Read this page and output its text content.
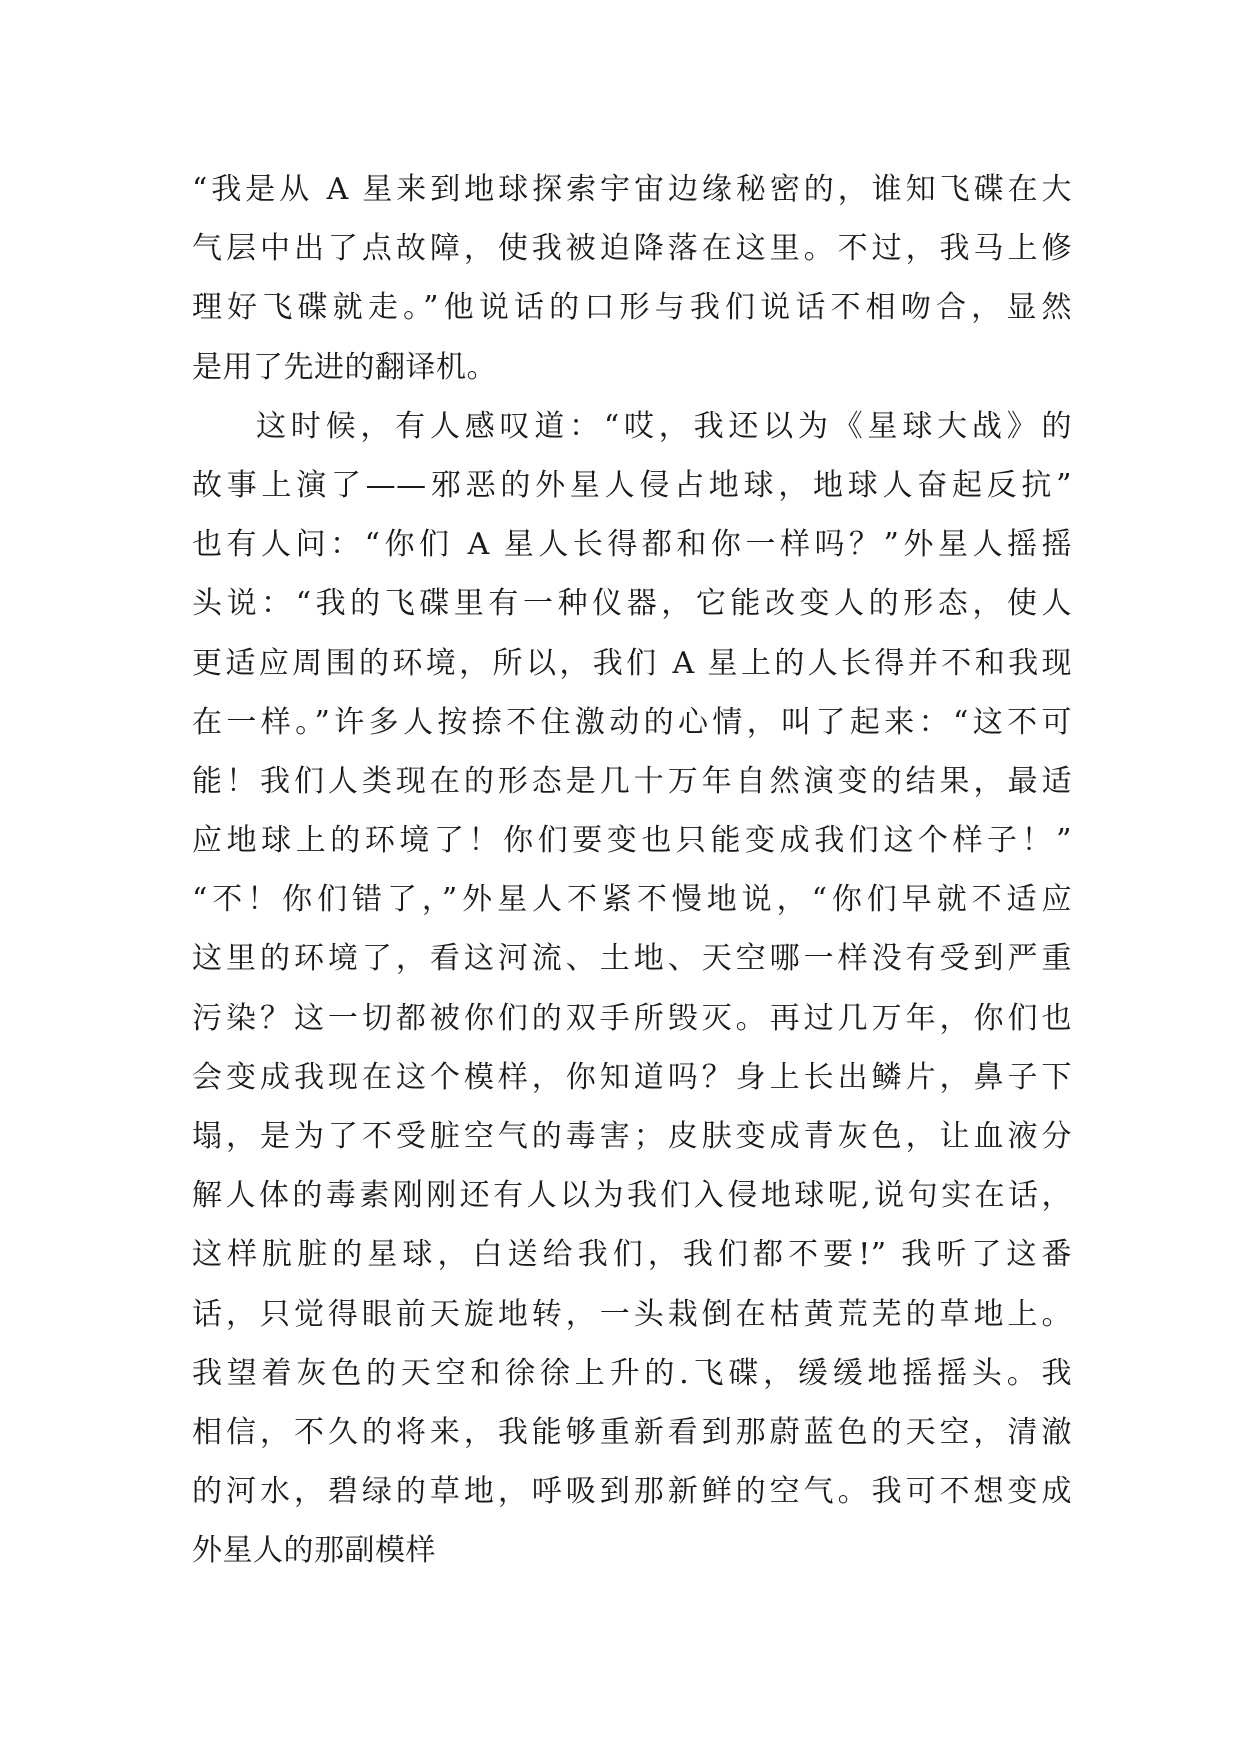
“我是从 A 星来到地球探索宇宙边缘秘密的，谁知飞碟在大
气层中出了点故障，使我被迫降落在这里。不过，我马上修
理好飞碟就走。”他说话的口形与我们说话不相吻合，显然
是用了先进的翻译机。
这时候，有人感叹道：“哎，我还以为《星球大战》的
故事上演了——邪恶的外星人侵占地球，地球人奋起反抗”
也有人问：“你们 A 星人长得都和你一样吗？”外星人摇摇
头说：“我的飞碟里有一种仪器，它能改变人的形态，使人
更适应周围的环境，所以，我们 A 星上的人长得并不和我现
在一样。”许多人按捺不住激动的心情，叫了起来：“这不可
能！我们人类现在的形态是几十万年自然演变的结果，最适
应地球上的环境了！你们要变也只能变成我们这个样子！”
“不！你们错了，”外星人不紧不慢地说，“你们早就不适应
这里的环境了，看这河流、土地、天空哪一样没有受到严重
污染？这一切都被你们的双手所毁灭。再过几万年，你们也
会变成我现在这个模样，你知道吗？身上长出鳞片，鼻子下
塌，是为了不受脏空气的毒害；皮肤变成青灰色，让血液分
解人体的毒素刚刚还有人以为我们入侵地球呢,说句实在话，
这样肮脏的星球，白送给我们，我们都不要!” 我听了这番
话，只觉得眼前天旋地转，一头栽倒在枯黄荒芜的草地上。
我望着灰色的天空和徐徐上升的.飞碟，缓缓地摇摇头。我
相信，不久的将来，我能够重新看到那蔚蓝色的天空，清澈
的河水，碧绿的草地，呼吸到那新鲜的空气。我可不想变成
外星人的那副模样
